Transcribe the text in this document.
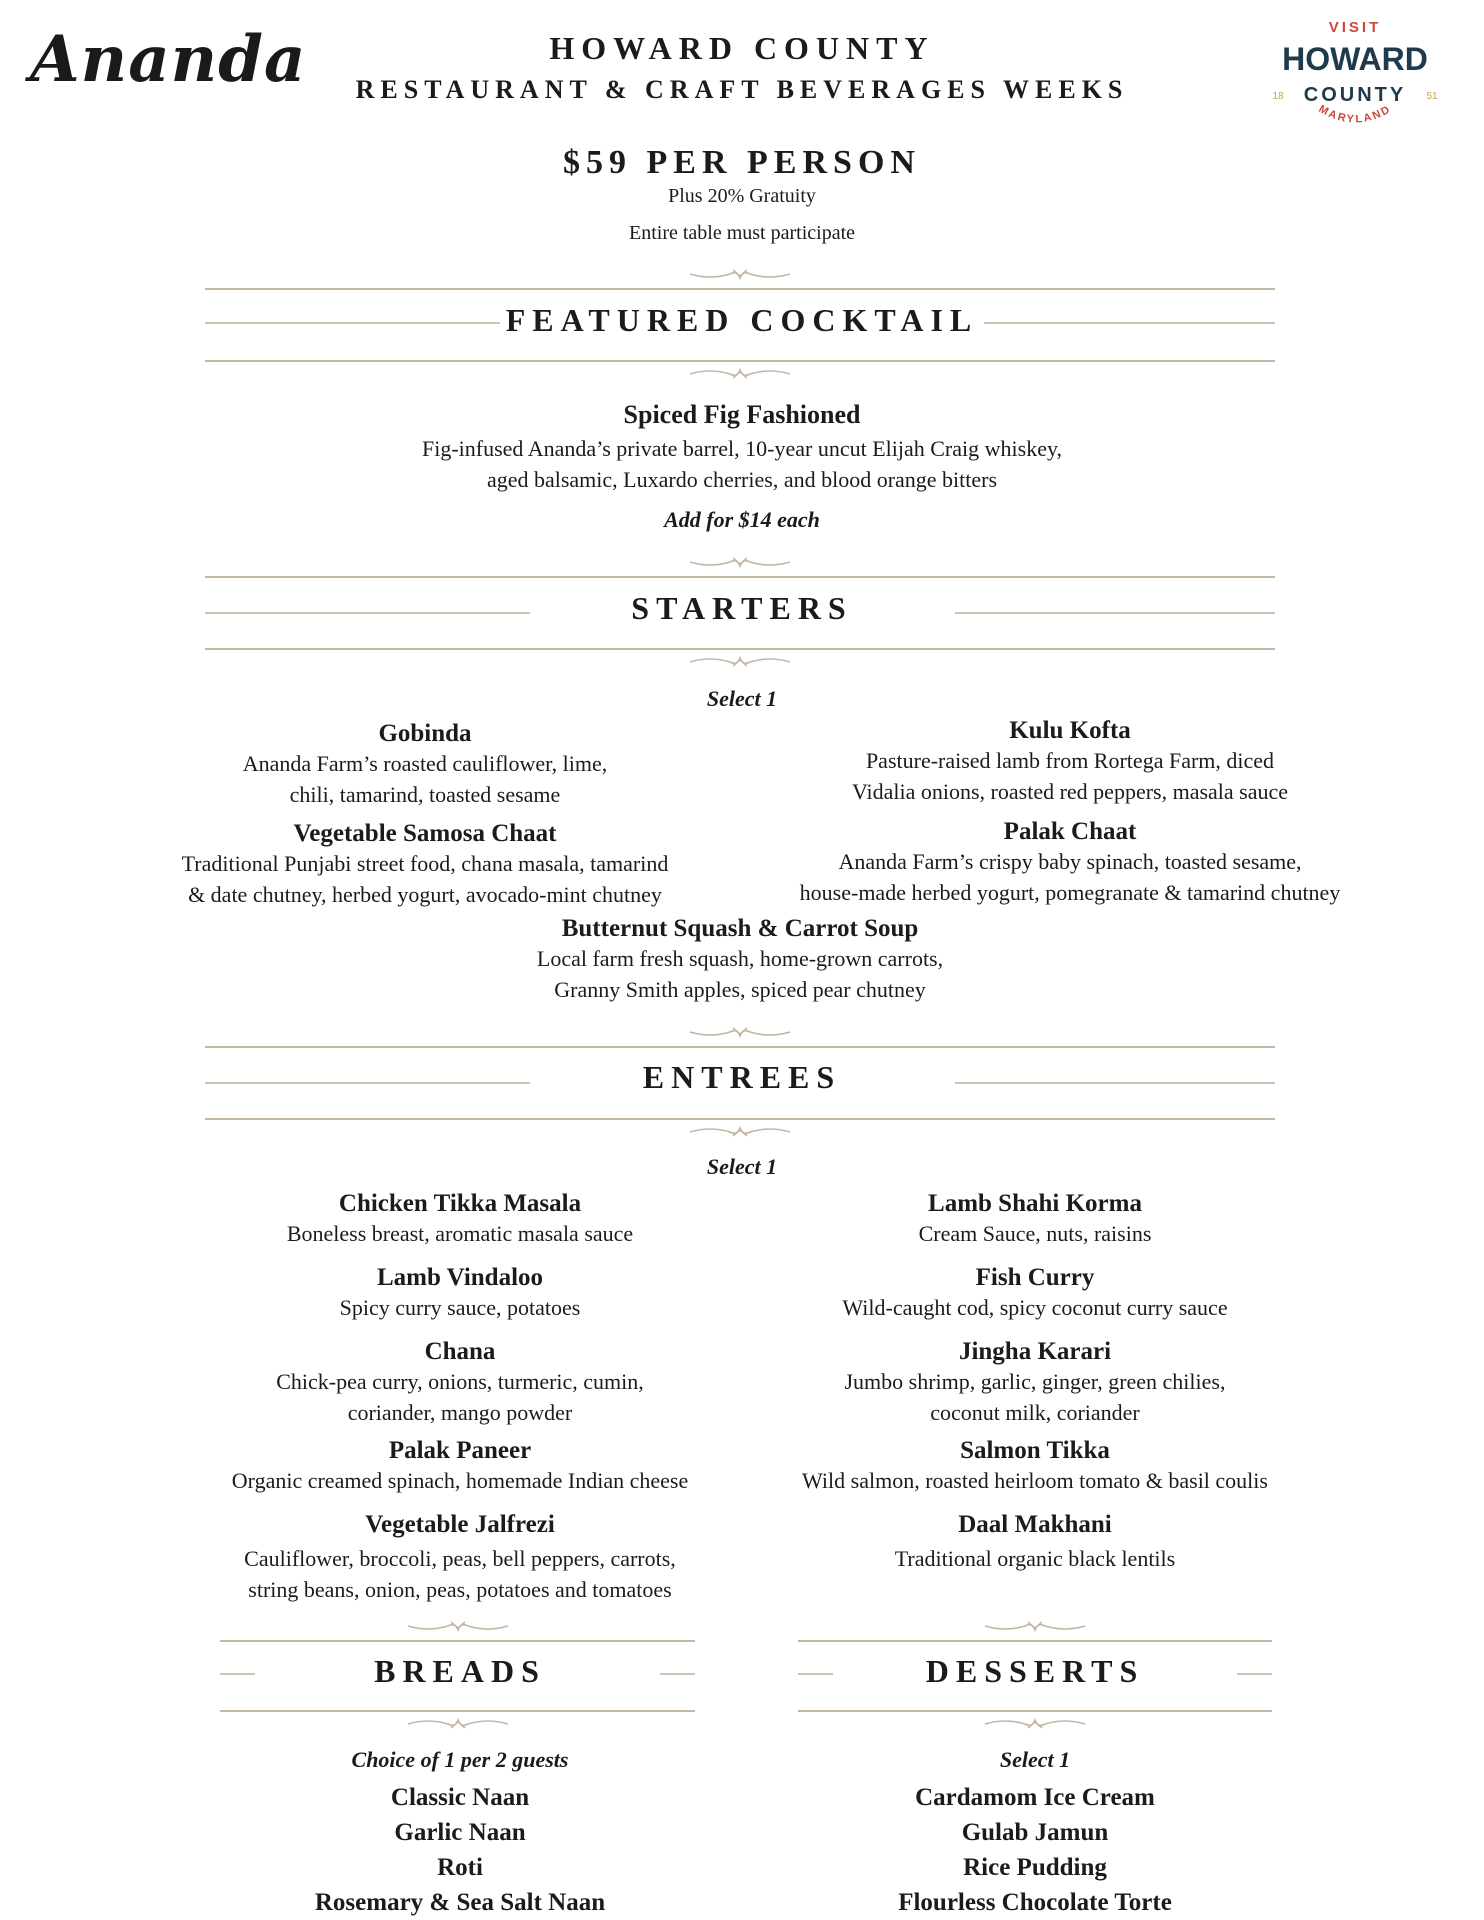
Ananda	HOWARD COUNTY
RESTAURANT & CRAFT BEVERAGES WEEKS
VISIT
HOWARD
COUNTY
18	51
MARYLAND
$59 PER PERSON
Plus 20% Gratuity
Entire table must participate
FEATURED COCKTAIL
Spiced Fig Fashioned
Fig-infused Ananda’s private barrel, 10-year uncut Elijah Craig whiskey,
aged balsamic, Luxardo cherries, and blood orange bitters
Add for $14 each
STARTERS
Select 1
Gobinda
Ananda Farm’s roasted cauliflower, lime,
chili, tamarind, toasted sesame
Kulu Kofta
Pasture-raised lamb from Rortega Farm, diced
Vidalia onions, roasted red peppers, masala sauce
Vegetable Samosa Chaat
Traditional Punjabi street food, chana masala, tamarind
& date chutney, herbed yogurt, avocado-mint chutney
Palak Chaat
Ananda Farm’s crispy baby spinach, toasted sesame,
house-made herbed yogurt, pomegranate & tamarind chutney
Butternut Squash & Carrot Soup
Local farm fresh squash, home-grown carrots,
Granny Smith apples, spiced pear chutney
ENTREES
Select 1
Chicken Tikka Masala
Boneless breast, aromatic masala sauce
Lamb Vindaloo
Spicy curry sauce, potatoes
Chana
Chick-pea curry, onions, turmeric, cumin,
coriander, mango powder
Palak Paneer
Organic creamed spinach, homemade Indian cheese
Vegetable Jalfrezi
Cauliflower, broccoli, peas, bell peppers, carrots,
string beans, onion, peas, potatoes and tomatoes
Lamb Shahi Korma
Cream Sauce, nuts, raisins
Fish Curry
Wild-caught cod, spicy coconut curry sauce
Jingha Karari
Jumbo shrimp, garlic, ginger, green chilies,
coconut milk, coriander
Salmon Tikka
Wild salmon, roasted heirloom tomato & basil coulis
Daal Makhani
Traditional organic black lentils
BREADS
Choice of 1 per 2 guests
Classic Naan
Garlic Naan
Roti
Rosemary & Sea Salt Naan
DESSERTS
Select 1
Cardamom Ice Cream
Gulab Jamun
Rice Pudding
Flourless Chocolate Torte
